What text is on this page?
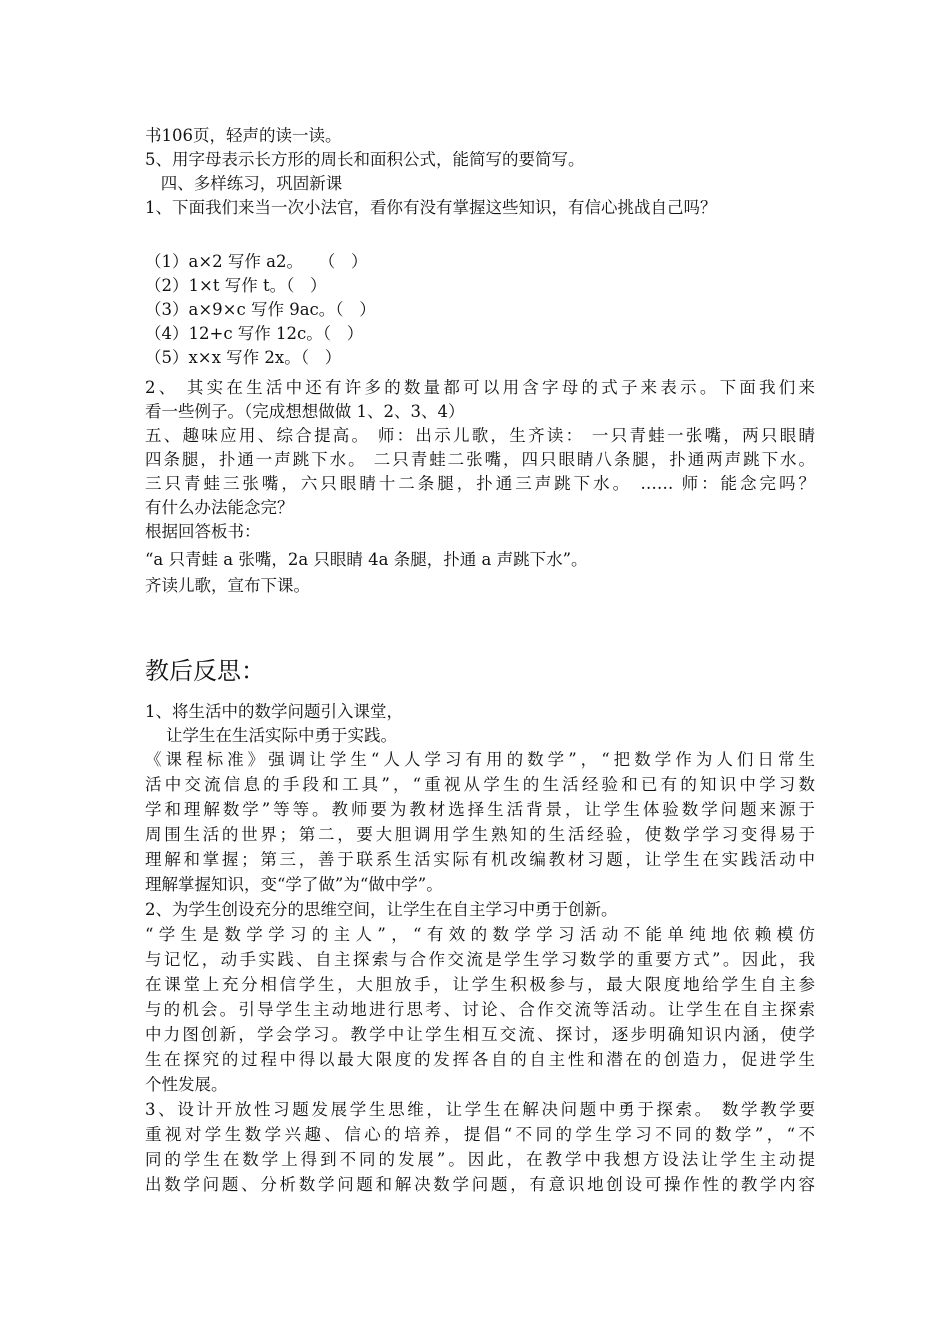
书106页，轻声的读一读。

5、用字母表示长方形的周长和面积公式，能简写的要简写。

四、多样练习，巩固新课

1、下面我们来当一次小法官，看你有没有掌握这些知识，有信心挑战自己吗？

（1）a×2 写作 a2。   （   ）

（2）1×t 写作 t。（   ）

（3）a×9×c 写作 9ac。（   ）

（4）12+c 写作 12c。（   ）

（5）x×x 写作 2x。（   ）

2、 其实在生活中还有许多的数量都可以用含字母的式子来表示。下面我们来

看一些例子。（完成想想做做 1、2、3、4）

五、趣味应用、综合提高。 师：出示儿歌，生齐读： 一只青蛙一张嘴，两只眼睛

四条腿，扑通一声跳下水。 二只青蛙二张嘴，四只眼睛八条腿，扑通两声跳下水。

三只青蛙三张嘴，六只眼睛十二条腿，扑通三声跳下水。 …… 师：能念完吗？

有什么办法能念完？

根据回答板书：

“a 只青蛙 a 张嘴，2a 只眼睛 4a 条腿，扑通 a 声跳下水”。

齐读儿歌，宣布下课。

教后反思：

1、将生活中的数学问题引入课堂，

让学生在生活实际中勇于实践。

《课程标准》强调让学生“人人学习有用的数学”，“把数学作为人们日常生

活中交流信息的手段和工具”，“重视从学生的生活经验和已有的知识中学习数

学和理解数学”等等。教师要为教材选择生活背景，让学生体验数学问题来源于

周围生活的世界；第二，要大胆调用学生熟知的生活经验，使数学学习变得易于

理解和掌握；第三，善于联系生活实际有机改编教材习题，让学生在实践活动中

理解掌握知识，变“学了做”为“做中学”。

2、为学生创设充分的思维空间，让学生在自主学习中勇于创新。

“学生是数学学习的主人”，“有效的数学学习活动不能单纯地依赖模仿

与记忆，动手实践、自主探索与合作交流是学生学习数学的重要方式”。因此，我

在课堂上充分相信学生，大胆放手，让学生积极参与，最大限度地给学生自主参

与的机会。引导学生主动地进行思考、讨论、合作交流等活动。让学生在自主探索

中力图创新，学会学习。教学中让学生相互交流、探讨，逐步明确知识内涵，使学

生在探究的过程中得以最大限度的发挥各自的自主性和潜在的创造力，促进学生

个性发展。

3、设计开放性习题发展学生思维，让学生在解决问题中勇于探索。 数学教学要

重视对学生数学兴趣、信心的培养，提倡“不同的学生学习不同的数学”，“不

同的学生在数学上得到不同的发展”。因此，在教学中我想方设法让学生主动提

出数学问题、分析数学问题和解决数学问题，有意识地创设可操作性的教学内容
